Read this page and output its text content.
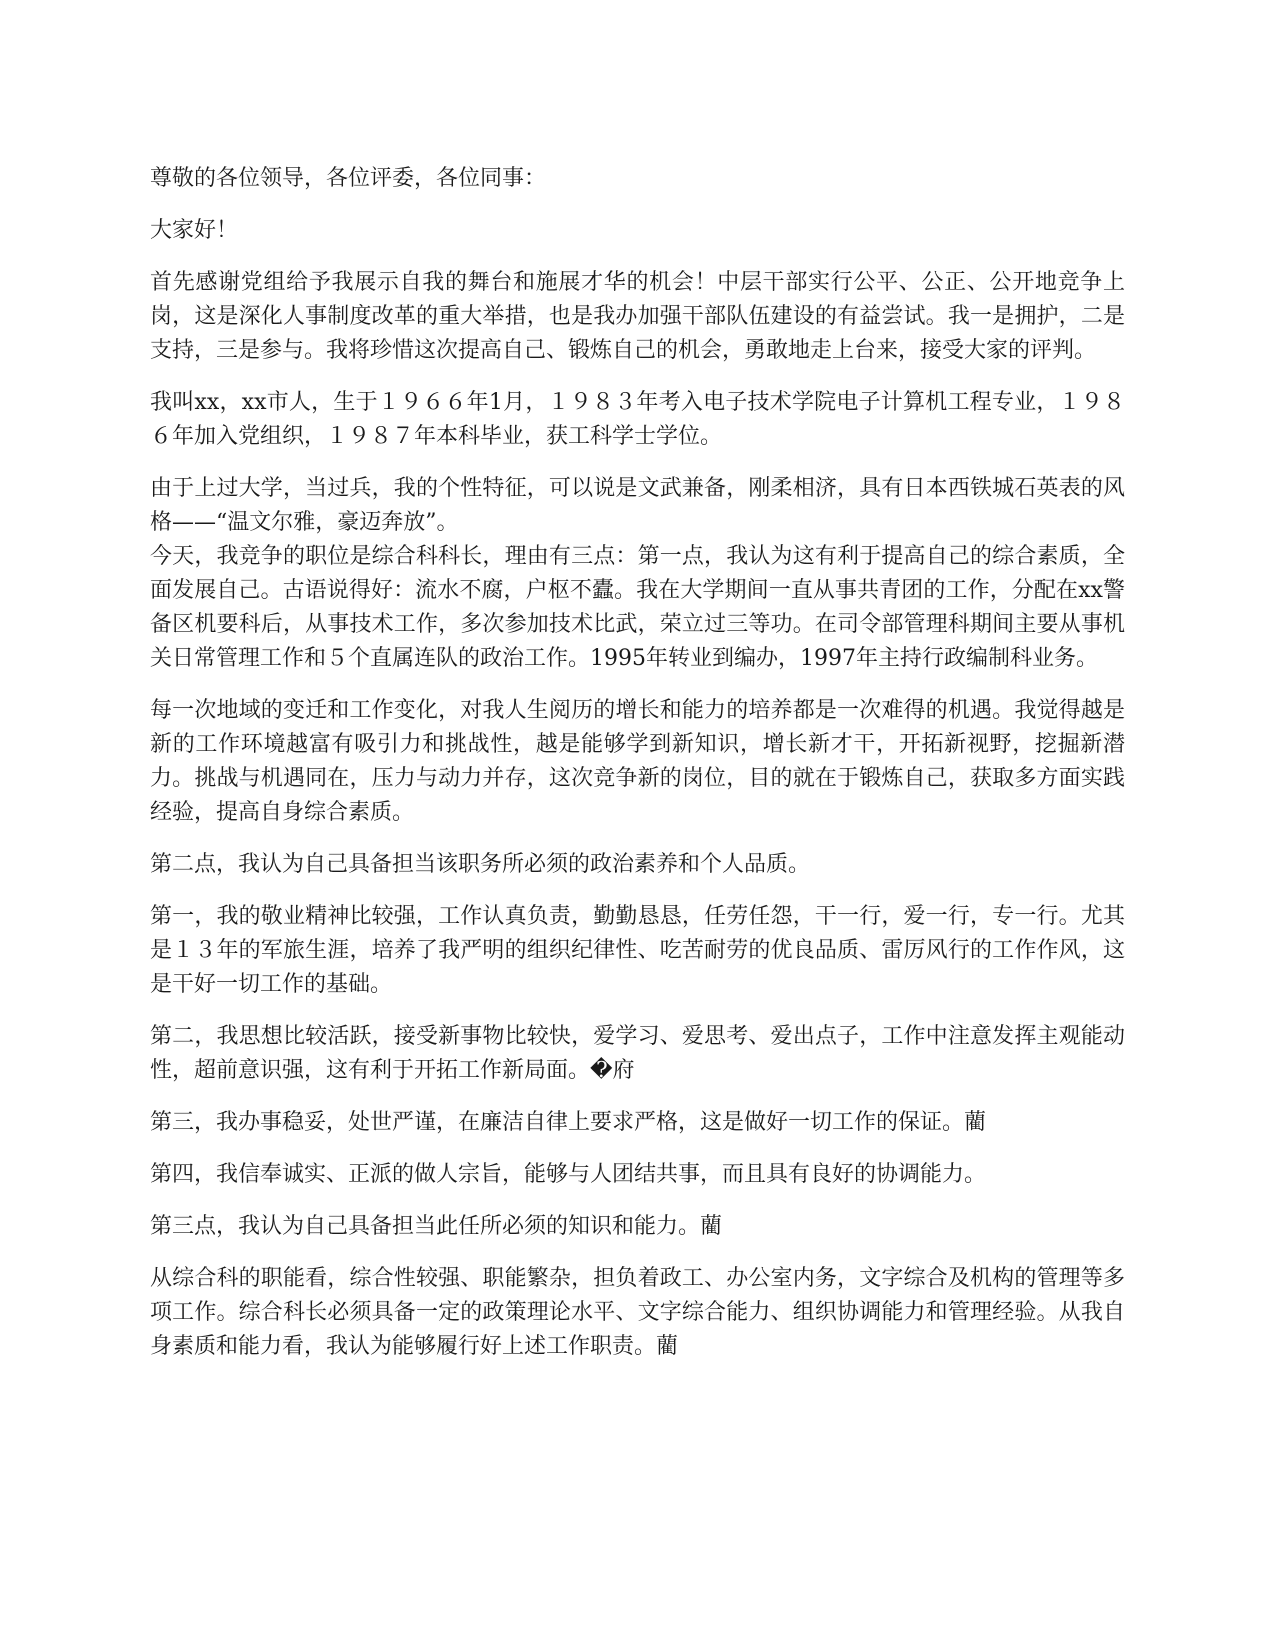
尊敬的各位领导，各位评委，各位同事：

大家好！

首先感谢党组给予我展示自我的舞台和施展才华的机会！中层干部实行公平、公正、公开地竞争上岗，这是深化人事制度改革的重大举措，也是我办加强干部队伍建设的有益尝试。我一是拥护，二是支持，三是参与。我将珍惜这次提高自己、锻炼自己的机会，勇敢地走上台来，接受大家的评判。

我叫xx，xx市人，生于１９６６年1月，１９８３年考入电子技术学院电子计算机工程专业，１９８６年加入党组织，１９８７年本科毕业，获工科学士学位。

由于上过大学，当过兵，我的个性特征，可以说是文武兼备，刚柔相济，具有日本西铁城石英表的风格——“温文尔雅，豪迈奔放”。

今天，我竞争的职位是综合科科长，理由有三点：第一点，我认为这有利于提高自己的综合素质，全面发展自己。古语说得好：流水不腐，户枢不蠹。我在大学期间一直从事共青团的工作，分配在xx警备区机要科后，从事技术工作，多次参加技术比武，荣立过三等功。在司令部管理科期间主要从事机关日常管理工作和５个直属连队的政治工作。1995年转业到编办，1997年主持行政编制科业务。

每一次地域的变迁和工作变化，对我人生阅历的增长和能力的培养都是一次难得的机遇。我觉得越是新的工作环境越富有吸引力和挑战性，越是能够学到新知识，增长新才干，开拓新视野，挖掘新潜力。挑战与机遇同在，压力与动力并存，这次竞争新的岗位，目的就在于锻炼自己，获取多方面实践经验，提高自身综合素质。

第二点，我认为自己具备担当该职务所必须的政治素养和个人品质。

第一，我的敬业精神比较强，工作认真负责，勤勤恳恳，任劳任怨，干一行，爱一行，专一行。尤其是１３年的军旅生涯，培养了我严明的组织纪律性、吃苦耐劳的优良品质、雷厉风行的工作作风，这是干好一切工作的基础。

第二，我思想比较活跃，接受新事物比较快，爱学习、爱思考、爱出点子，工作中注意发挥主观能动性，超前意识强，这有利于开拓工作新局面。�府

第三，我办事稳妥，处世严谨，在廉洁自律上要求严格，这是做好一切工作的保证。藺

第四，我信奉诚实、正派的做人宗旨，能够与人团结共事，而且具有良好的协调能力。

第三点，我认为自己具备担当此任所必须的知识和能力。藺

从综合科的职能看，综合性较强、职能繁杂，担负着政工、办公室内务，文字综合及机构的管理等多项工作。综合科长必须具备一定的政策理论水平、文字综合能力、组织协调能力和管理经验。从我自身素质和能力看，我认为能够履行好上述工作职责。藺
